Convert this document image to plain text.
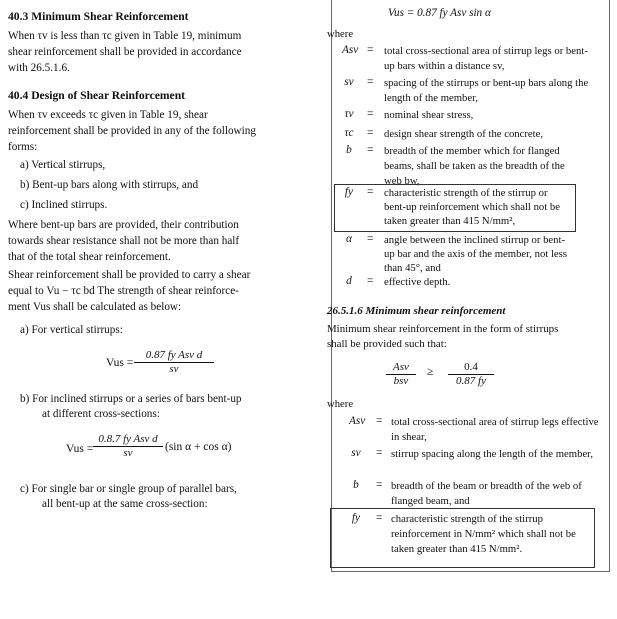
40.3 Minimum Shear Reinforcement
When τv is less than τc given in Table 19, minimum
shear reinforcement shall be provided in accordance
with 26.5.1.6.
40.4 Design of Shear Reinforcement
When τv exceeds τc given in Table 19, shear
reinforcement shall be provided in any of the following
forms:
a) Vertical stirrups,
b) Bent-up bars along with stirrups, and
c) Inclined stirrups.
Where bent-up bars are provided, their contribution
towards shear resistance shall not be more than half
that of the total shear reinforcement.
Shear reinforcement shall be provided to carry a shear
equal to Vu − τc bd The strength of shear reinforce-
ment Vus shall be calculated as below:
a) For vertical stirrups:
Vus =
0.87 fy Asv d
sv
b) For inclined stirrups or a series of bars bent-up
at different cross-sections:
Vus =
0.8.7 fy Asv d
sv	(sin α + cos α)
c) For single bar or single group of parallel bars,
all bent-up at the same cross-section:
Vus = 0.87 fy Asv sin α
where
Asv = total cross-sectional area of stirrup legs or bent-up bars within a distance sv,
sv = spacing of the stirrups or bent-up bars along the length of the member,
τv = nominal shear stress,
τc = design shear strength of the concrete,
b	= breadth of the member which for flanged beams, shall be taken as the breadth of the web bw,
fy = characteristic strength of the stirrup or bent-up reinforcement which shall not be taken greater than 415 N/mm²,
α	= angle between the inclined stirrup or bent- up bar and the axis of the member, not less than 45°, and
d	= effective depth.
26.5.1.6 Minimum shear reinforcement
Minimum shear reinforcement in the form of stirrups
shall be provided such that:
Asv
bsv
≥ $\frac{0.4}{0.87 fy}$
where
Asv = total cross-sectional area of stirrup legs effective in shear,
sv = stirrup spacing along the length of the member,
b	= breadth of the beam or breadth of the web of flanged beam, and
fy = characteristic strength of the stirrup reinforcement in N/mm² which shall not be taken greater than 415 N/mm².
